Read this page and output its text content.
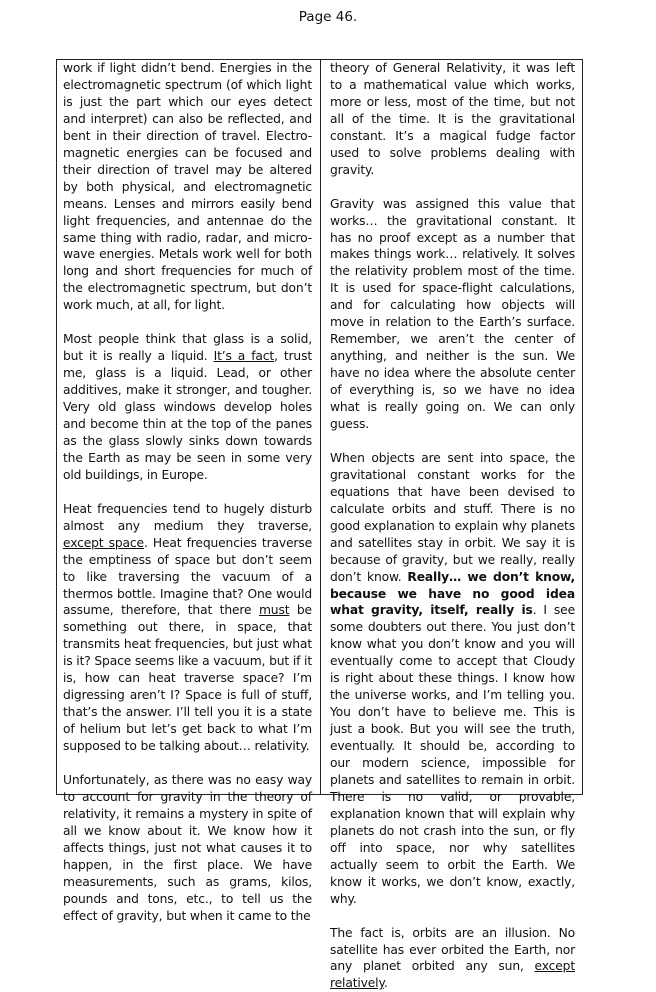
Page 46.

work if light didn’t bend. Energies in the electromagnetic spectrum (of which light is just the part which our eyes detect and interpret) can also be reflected, and bent in their direction of travel. Electro-magnetic energies can be focused and their direction of travel may be altered by both physical, and electromagnetic means. Lenses and mirrors easily bend light frequencies, and antennae do the same thing with radio, radar, and micro-wave energies. Metals work well for both long and short frequencies for much of the electromagnetic spectrum, but don’t work much, at all, for light.

Most people think that glass is a solid, but it is really a liquid. It’s a fact, trust me, glass is a liquid. Lead, or other additives, make it stronger, and tougher. Very old glass windows develop holes and become thin at the top of the panes as the glass slowly sinks down towards the Earth as may be seen in some very old buildings, in Europe.

Heat frequencies tend to hugely disturb almost any medium they traverse, except space. Heat frequencies traverse the emptiness of space but don’t seem to like traversing the vacuum of a thermos bottle. Imagine that? One would assume, therefore, that there must be something out there, in space, that transmits heat frequencies, but just what is it? Space seems like a vacuum, but if it is, how can heat traverse space? I’m digressing aren’t I? Space is full of stuff, that’s the answer. I’ll tell you it is a state of helium but let’s get back to what I’m supposed to be talking about… relativity.

Unfortunately, as there was no easy way to account for gravity in the theory of relativity, it remains a mystery in spite of all we know about it. We know how it affects things, just not what causes it to happen, in the first place. We have measurements, such as grams, kilos, pounds and tons, etc., to tell us the effect of gravity, but when it came to the

theory of General Relativity, it was left to a mathematical value which works, more or less, most of the time, but not all of the time. It is the gravitational constant. It’s a magical fudge factor used to solve problems dealing with gravity.

Gravity was assigned this value that works… the gravitational constant. It has no proof except as a number that makes things work… relatively. It solves the relativity problem most of the time. It is used for space-flight calculations, and for calculating how objects will move in relation to the Earth’s surface. Remember, we aren’t the center of anything, and neither is the sun. We have no idea where the absolute center of everything is, so we have no idea what is really going on. We can only guess.

When objects are sent into space, the gravitational constant works for the equations that have been devised to calculate orbits and stuff. There is no good explanation to explain why planets and satellites stay in orbit. We say it is because of gravity, but we really, really don’t know. Really… we don’t know, because we have no good idea what gravity, itself, really is. I see some doubters out there. You just don’t know what you don’t know and you will eventually come to accept that Cloudy is right about these things. I know how the universe works, and I’m telling you. You don’t have to believe me. This is just a book. But you will see the truth, eventually. It should be, according to our modern science, impossible for planets and satellites to remain in orbit. There is no valid, or provable, explanation known that will explain why planets do not crash into the sun, or fly off into space, nor why satellites actually seem to orbit the Earth. We know it works, we don’t know, exactly, why.

The fact is, orbits are an illusion. No satellite has ever orbited the Earth, nor any planet orbited any sun, except relatively.
